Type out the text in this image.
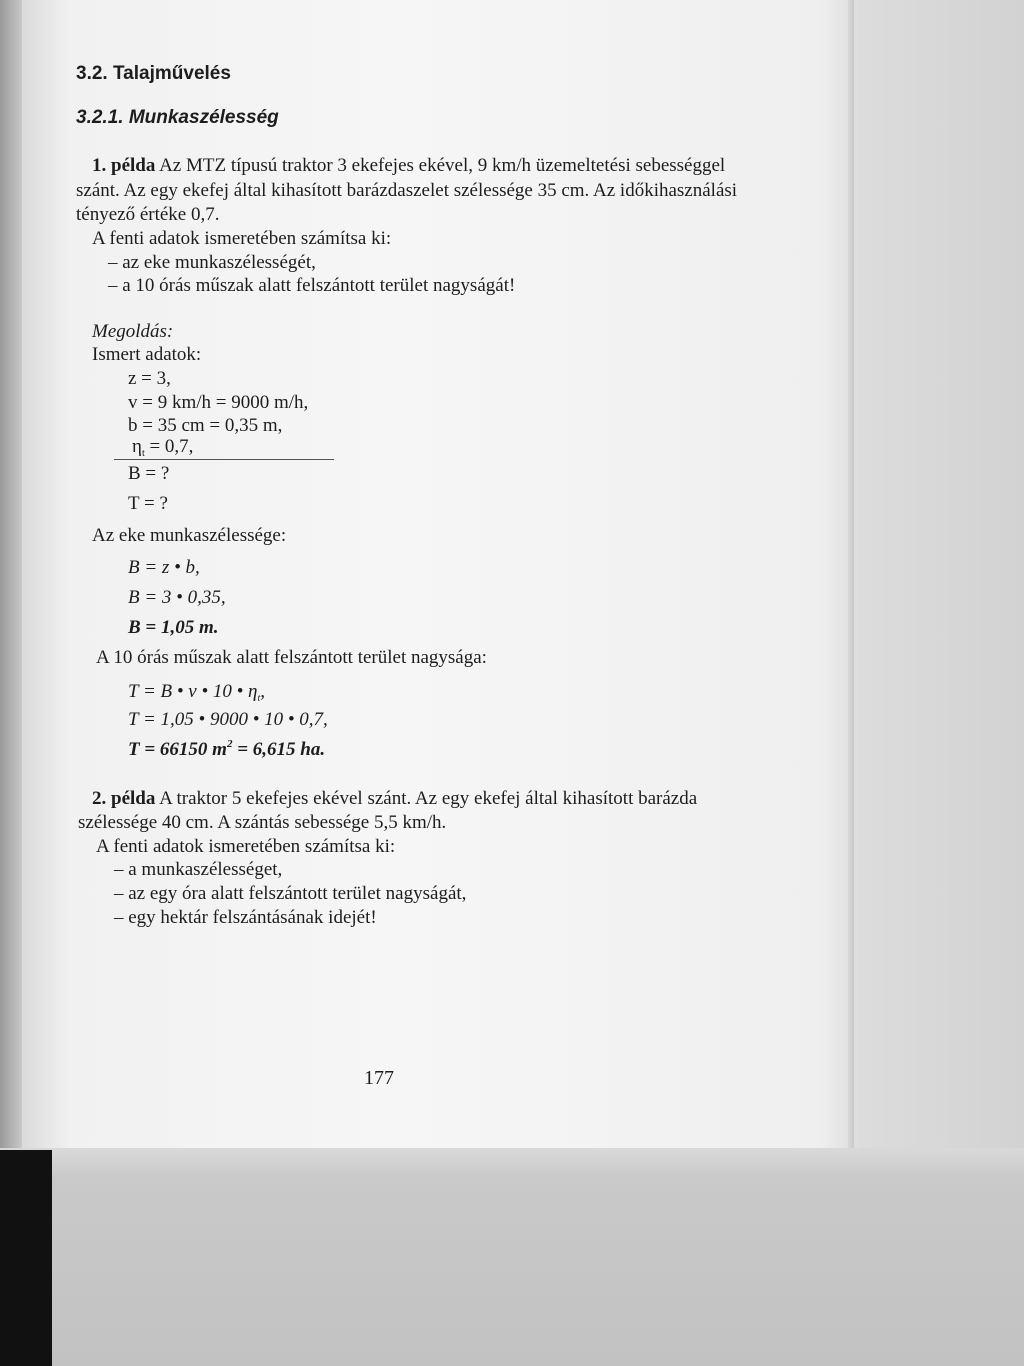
3.2. Talajművelés
3.2.1. Munkaszélesség
1. példa Az MTZ típusú traktor 3 ekefejes ekével, 9 km/h üzemeltetési sebességgel
szánt. Az egy ekefej által kihasított barázdaszelet szélessége 35 cm. Az időkihasználási
tényező értéke 0,7.
A fenti adatok ismeretében számítsa ki:
– az eke munkaszélességét,
– a 10 órás műszak alatt felszántott terület nagyságát!
Megoldás:
Ismert adatok:
z = 3,
v = 9 km/h = 9000 m/h,
b = 35 cm = 0,35 m,
$\eta_t = 0,7$,
B = ?
T = ?
Az eke munkaszélessége:
B = z • b,
B = 3 • 0,35,
B = 1,05 m.
A 10 órás műszak alatt felszántott terület nagysága:
T = B • v • 10 • $\eta_t$,
T = 1,05 • 9000 • 10 • 0,7,
T = 66150 $m^2 = 6,615$ ha.
2. példa A traktor 5 ekefejes ekével szánt. Az egy ekefej által kihasított barázda
szélessége 40 cm. A szántás sebessége 5,5 km/h.
A fenti adatok ismeretében számítsa ki:
– a munkaszélességet,
– az egy óra alatt felszántott terület nagyságát,
– egy hektár felszántásának idejét!
177
